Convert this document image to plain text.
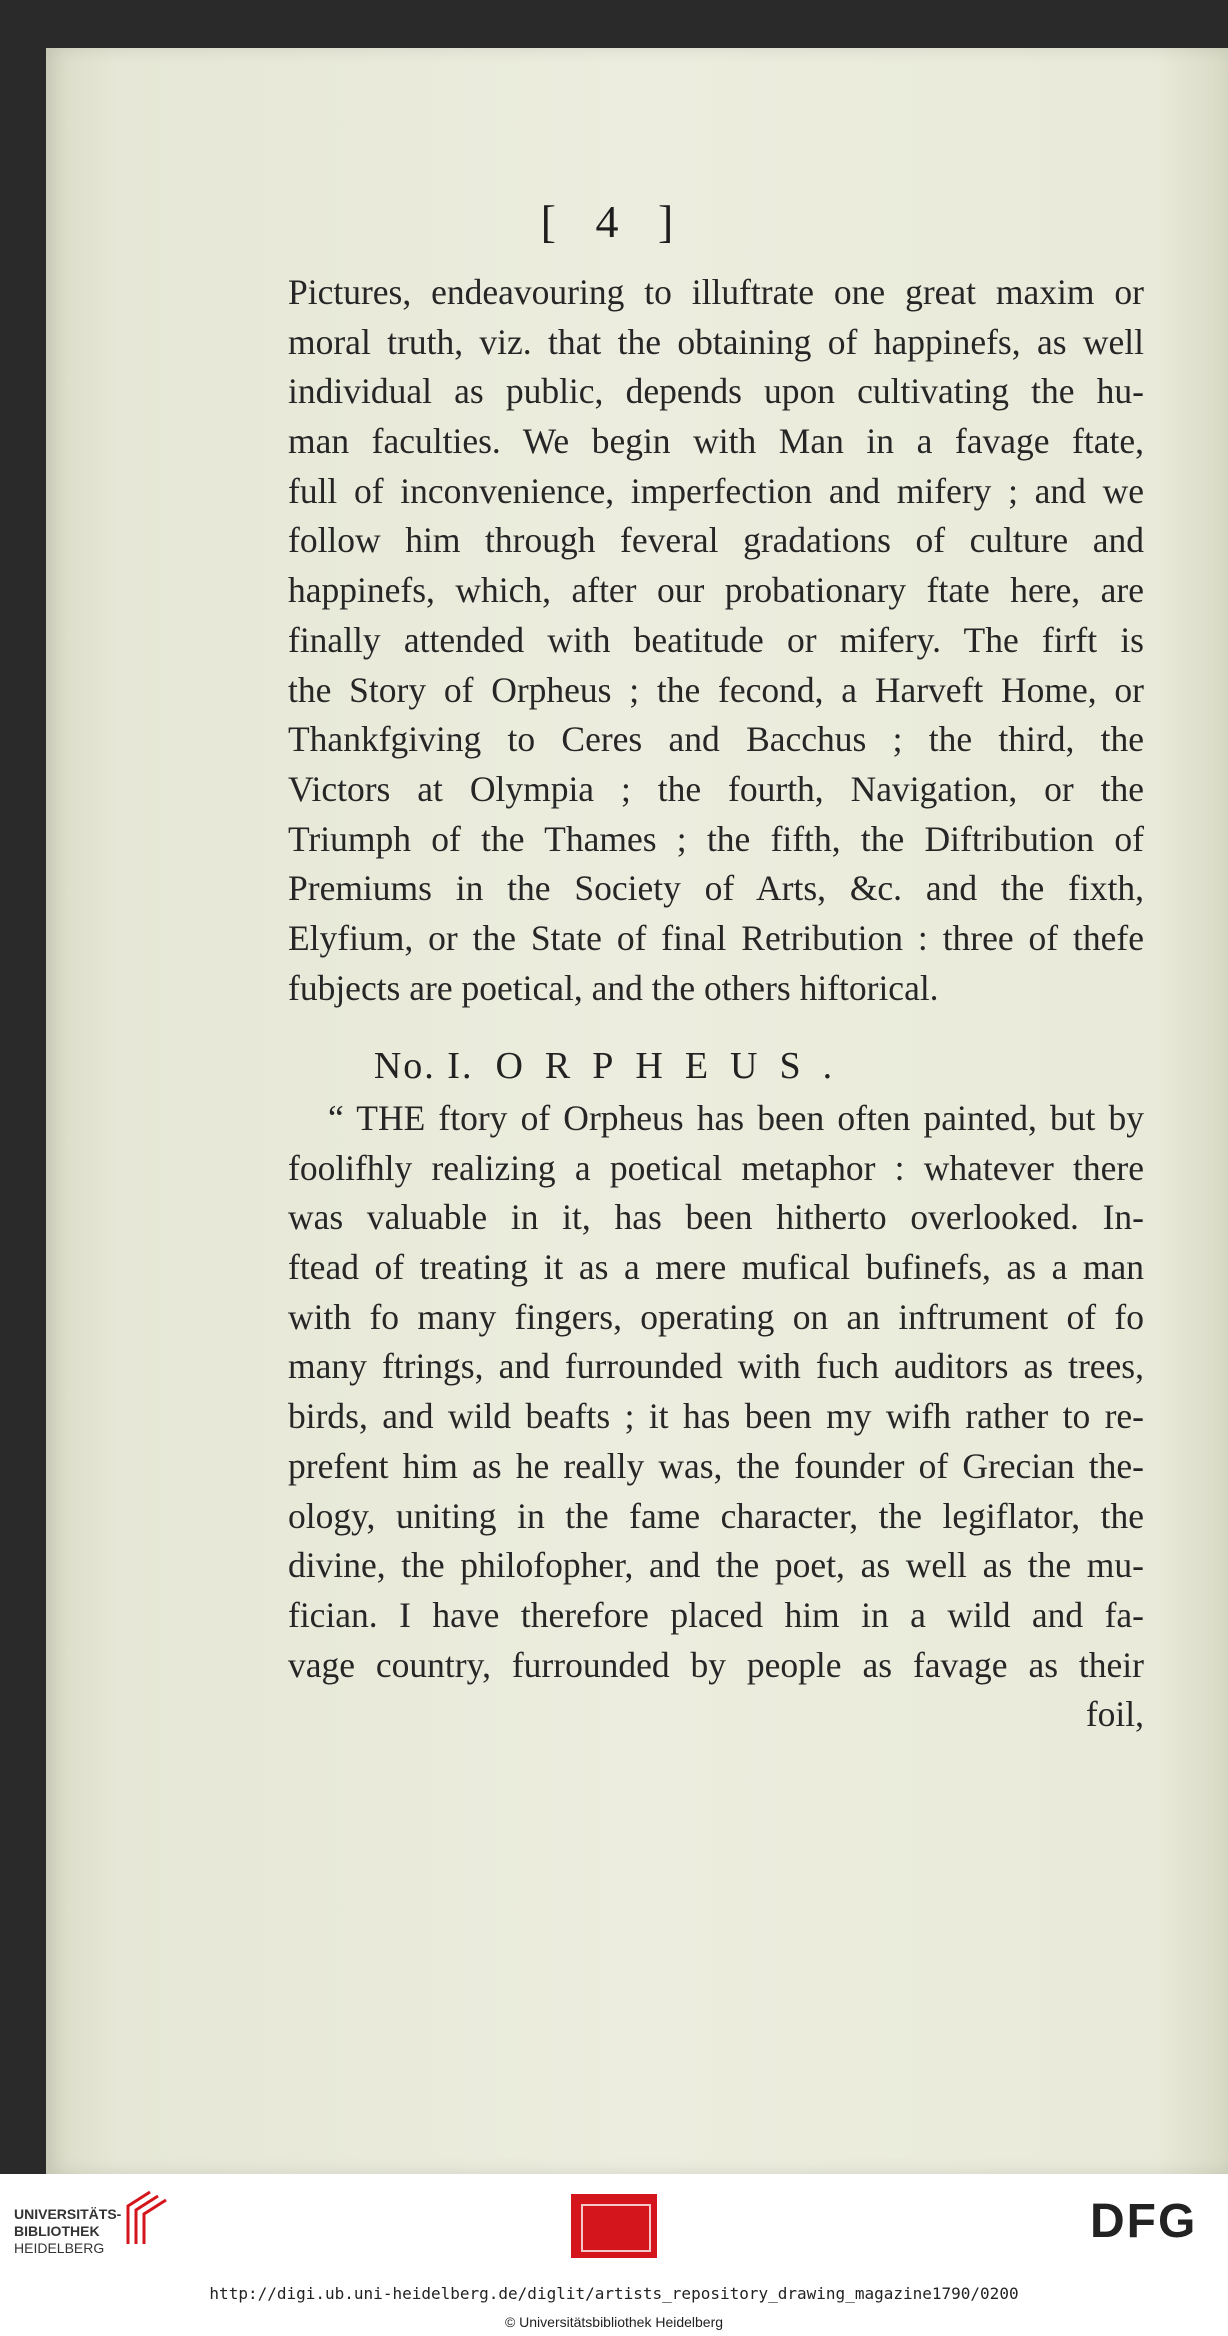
[ 4 ]
Pictures, endeavouring to illuftrate one great maxim or
moral truth, viz. that the obtaining of happinefs, as well
individual as public, depends upon cultivating the hu-
man faculties. We begin with Man in a favage ftate,
full of inconvenience, imperfection and mifery ; and we
follow him through feveral gradations of culture and
happinefs, which, after our probationary ftate here, are
finally attended with beatitude or mifery. The firft is
the Story of Orpheus ; the fecond, a Harveft Home, or
Thankfgiving to Ceres and Bacchus ; the third, the
Victors at Olympia ; the fourth, Navigation, or the
Triumph of the Thames ; the fifth, the Diftribution of
Premiums in the Society of Arts, &c. and the fixth,
Elyfium, or the State of final Retribution : three of thefe
fubjects are poetical, and the others hiftorical.
No. I. ORPHEUS.
“ THE ftory of Orpheus has been often painted, but by
foolifhly realizing a poetical metaphor : whatever there
was valuable in it, has been hitherto overlooked. In-
ftead of treating it as a mere mufical bufinefs, as a man
with fo many fingers, operating on an inftrument of fo
many ftrings, and furrounded with fuch auditors as trees,
birds, and wild beafts ; it has been my wifh rather to re-
prefent him as he really was, the founder of Grecian the-
ology, uniting in the fame character, the legiflator, the
divine, the philofopher, and the poet, as well as the mu-
fician. I have therefore placed him in a wild and fa-
vage country, furrounded by people as favage as their
foil,
UNIVERSITÄTS-
BIBLIOTHEK
HEIDELBERG	DFG
http://digi.ub.uni-heidelberg.de/diglit/artists_repository_drawing_magazine1790/0200
© Universitätsbibliothek Heidelberg
